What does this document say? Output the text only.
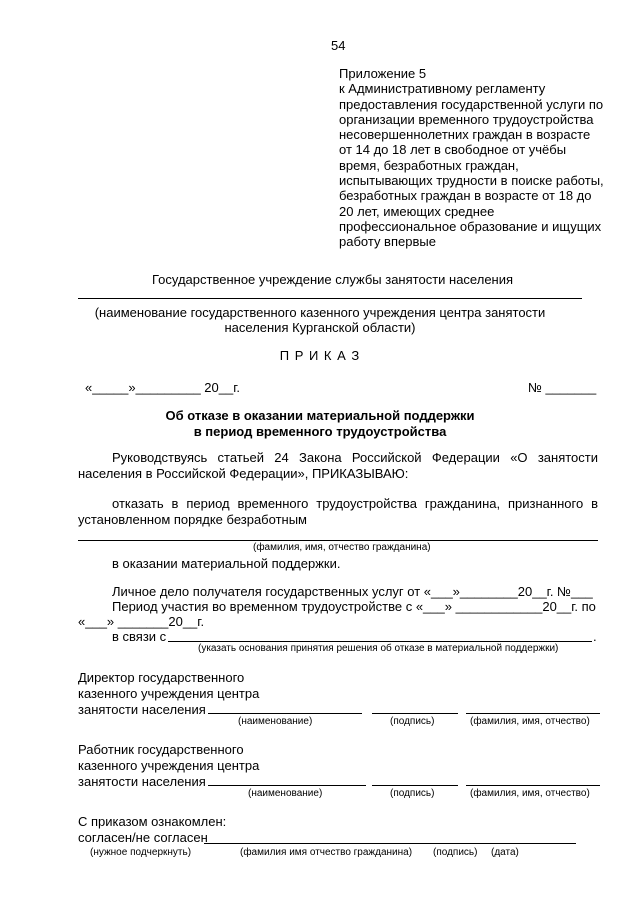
54
Приложение 5
к Административному регламенту
предоставления государственной услуги по
организации временного трудоустройства
несовершеннолетних граждан в возрасте
от 14 до 18 лет в свободное от учёбы
время, безработных граждан,
испытывающих трудности в поиске работы,
безработных граждан в возрасте от 18 до
20 лет, имеющих среднее
профессиональное образование и ищущих
работу впервые
Государственное учреждение службы занятости населения
(наименование государственного казенного учреждения центра занятости
населения Курганской области)
П Р И К А З
«_____»_________ 20__г.	№ _______
Об отказе в оказании материальной поддержки
в период временного трудоустройства
Руководствуясь статьей 24 Закона Российской Федерации «О занятости
населения в Российской Федерации», ПРИКАЗЫВАЮ:
отказать в период временного трудоустройства гражданина, признанного в
установленном порядке безработным
(фамилия, имя, отчество гражданина)
в оказании материальной поддержки.
Личное дело получателя государственных услуг от «___»________20__г. №___
Период участия во временном трудоустройстве с «___» ____________20__г. по
«___» _______20__г.
в связи с	.
(указать основания принятия решения об отказе в материальной поддержки)
Директор государственного
казенного учреждения центра
занятости населения
(наименование)	(подпись)	(фамилия, имя, отчество)
Работник государственного
казенного учреждения центра
занятости населения
(наименование)	(подпись)	(фамилия, имя, отчество)
С приказом ознакомлен:
согласен/не согласен
(нужное подчеркнуть)	(фамилия имя отчество гражданина) (подпись) (дата)
